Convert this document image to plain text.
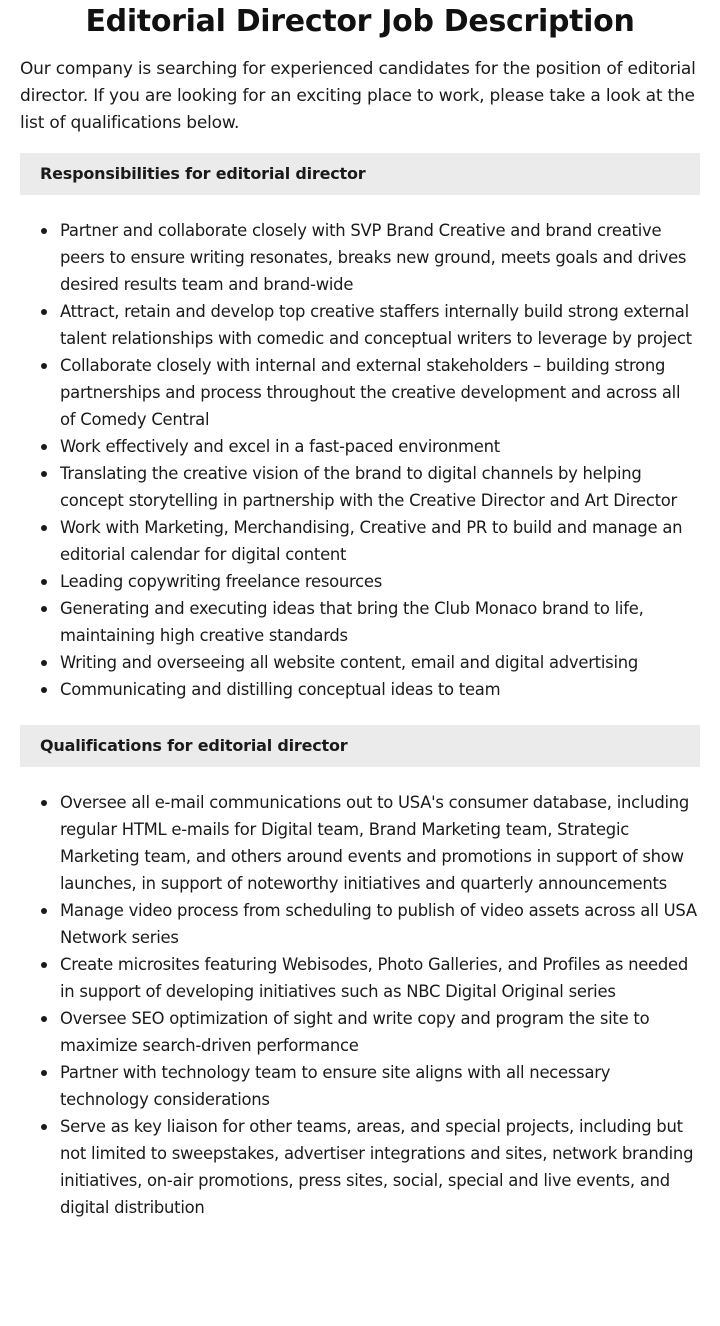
Editorial Director Job Description

Our company is searching for experienced candidates for the position of editorial director. If you are looking for an exciting place to work, please take a look at the list of qualifications below.

Responsibilities for editorial director
Partner and collaborate closely with SVP Brand Creative and brand creative peers to ensure writing resonates, breaks new ground, meets goals and drives desired results team and brand-wide
Attract, retain and develop top creative staffers internally build strong external talent relationships with comedic and conceptual writers to leverage by project
Collaborate closely with internal and external stakeholders – building strong partnerships and process throughout the creative development and across all of Comedy Central
Work effectively and excel in a fast-paced environment
Translating the creative vision of the brand to digital channels by helping concept storytelling in partnership with the Creative Director and Art Director
Work with Marketing, Merchandising, Creative and PR to build and manage an editorial calendar for digital content
Leading copywriting freelance resources
Generating and executing ideas that bring the Club Monaco brand to life, maintaining high creative standards
Writing and overseeing all website content, email and digital advertising
Communicating and distilling conceptual ideas to team
Qualifications for editorial director
Oversee all e-mail communications out to USA's consumer database, including regular HTML e-mails for Digital team, Brand Marketing team, Strategic Marketing team, and others around events and promotions in support of show launches, in support of noteworthy initiatives and quarterly announcements
Manage video process from scheduling to publish of video assets across all USA Network series
Create microsites featuring Webisodes, Photo Galleries, and Profiles as needed in support of developing initiatives such as NBC Digital Original series
Oversee SEO optimization of sight and write copy and program the site to maximize search-driven performance
Partner with technology team to ensure site aligns with all necessary technology considerations
Serve as key liaison for other teams, areas, and special projects, including but not limited to sweepstakes, advertiser integrations and sites, network branding initiatives, on-air promotions, press sites, social, special and live events, and digital distribution
